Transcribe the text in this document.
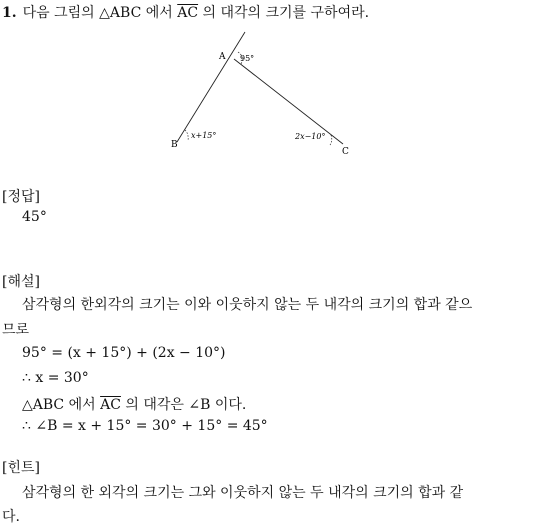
1. 다음 그림의 △ABC 에서 $\overline{AC}$ 의 대각의 크기를 구하여라.
A
B
C
95°
x+15°	2x−10°
[정답]
45°
[해설]
삼각형의 한외각의 크기는 이와 이웃하지 않는 두 내각의 크기의 합과 같으
므로
95° = (x + 15°) + (2x − 10°)
∴ x = 30°
△ABC 에서 $\overline{AC}$ 의 대각은 ∠B 이다.
∴ ∠B = x + 15° = 30° + 15° = 45°
[힌트]
삼각형의 한 외각의 크기는 그와 이웃하지 않는 두 내각의 크기의 합과 같
다.
